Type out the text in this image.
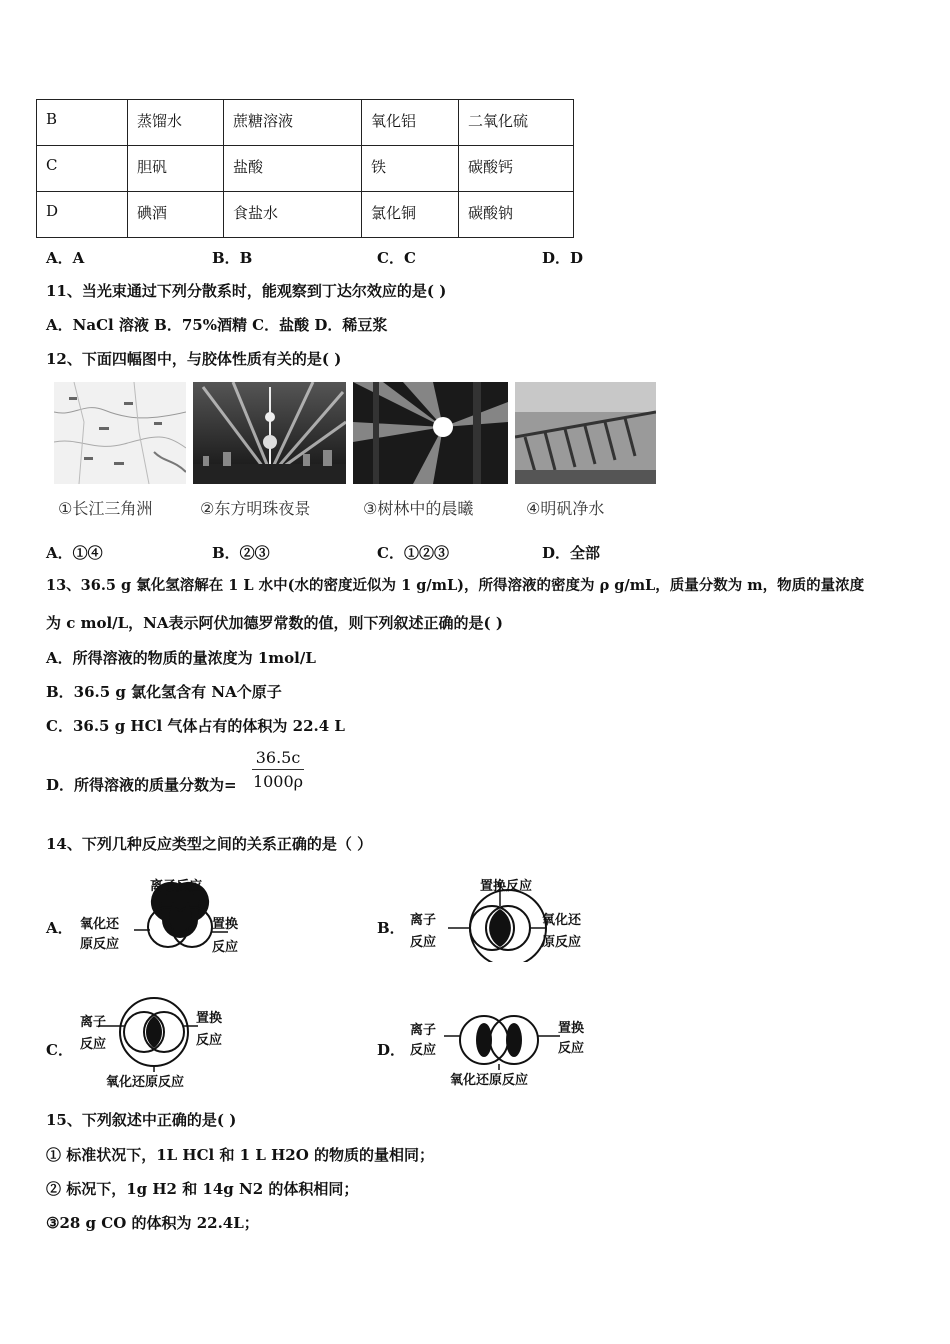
B	蒸馏水	蔗糖溶液	氧化铝	二氧化硫
C	胆矾	盐酸	铁	碳酸钙
D	碘酒	食盐水	氯化铜	碳酸钠
A．A	B．B	C．C	D．D
11、当光束通过下列分散系时，能观察到丁达尔效应的是( )
A．NaCl 溶液 B．75%酒精 C．盐酸 D．稀豆浆
12、下面四幅图中，与胶体性质有关的是( )
①长江三角洲	②东方明珠夜景	③树林中的晨曦	④明矾净水
A．①④	B．②③	C．①②③	D．全部
13、36.5 g 氯化氢溶解在 1 L 水中(水的密度近似为 1 g/mL)，所得溶液的密度为 ρ g/mL，质量分数为 m，物质的量浓度
为 c mol/L，NA表示阿伏加德罗常数的值，则下列叙述正确的是( )
A．所得溶液的物质的量浓度为 1mol/L
B．36.5 g 氯化氢含有 NA个原子
C．36.5 g HCl 气体占有的体积为 22.4 L
D．所得溶液的质量分数为= $\frac{36.5c}{1000\rho}$
14、下列几种反应类型之间的关系正确的是（ ）
A．	B．
C．	D．
离子反应
氧化还
原反应
置换
反应
置换反应
离子
反应
氧化还
原反应
离子
反应
置换
反应
氧化还原反应
离子
反应
置换
反应
氧化还原反应
15、下列叙述中正确的是( )
① 标准状况下，1L HCl 和 1 L H2O 的物质的量相同；
② 标况下，1g H2 和 14g N2 的体积相同；
③28 g CO 的体积为 22.4L；
